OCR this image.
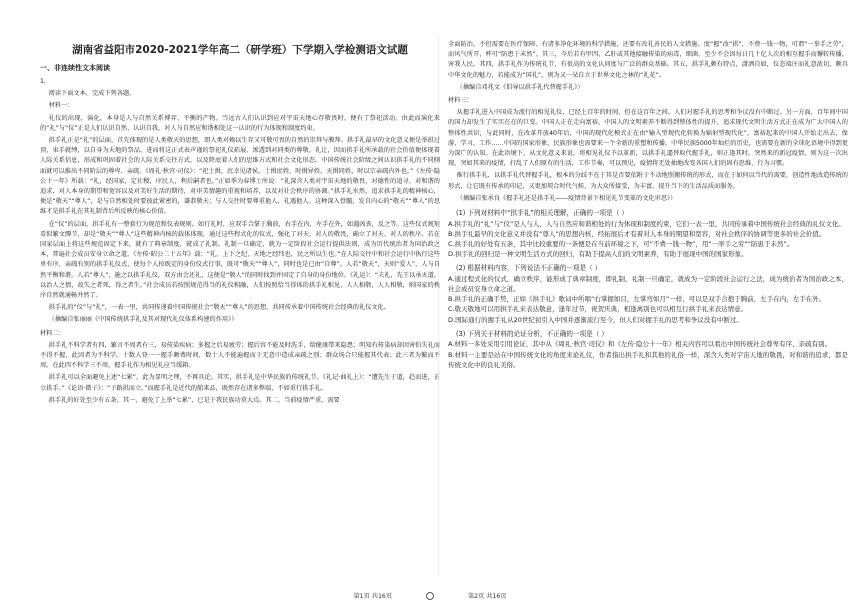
湖南省益阳市2020-2021学年高二（研学班）下学期入学检测语文试题
一、非连续性文本阅读

1.

阅读下面文本，完成下列各题。

材料一：

礼仪的出现，演化，本身是人与自然关系博弈、平衡的产物。当远古人们认识到应对宇宙天地心存敬畏时，便有了祭祀活动。由此而演化来的“礼”与“仪”正是人们认识自然、认识自我，对人与自然应和谐相处这一认识的行为体现和制度约束。

拱手礼正是“礼”的层面，首先体现的是人类敬天的思想，即人类对赖以生存又可敬可畏的自然的崇拜与膜拜。拱手礼最早的文化意义便是举拱过顶，束手就缚，以自身为天地的祭品，进而将这正式表声谨的祭祀礼仪拓展、渗透到对同类的尊敬。礼让，因而拱手礼所承载的社会价值便体现着人际关系信息，形成和巩固着社会的人际关系交往方式，以及降底着人们的思维方式和社会文化形态。中国传统社会阶级之间认识拱手礼的不同側面就可以推出不同阶层的尊卑、亲疏。《周礼·秋官·司仪》：“祀土揖，庶幸见诸侯，土揖庶姓，时揖异姓，天揖同姓，时以宗亲疏内外也。”《左传·隐公十一年》所载：“礼，经国家，定社稷，序民人，利后嗣者也。”正如季为春博士所说：“礼深含人类对宇宙天地的敬畏，对德性的追寻，对和谐的追求，对人本身的期望和宽容以及对美好生活的期待，对审美情趣的重视和培养，以及对社会秩序的协调。”拱手礼水然，追求拱手礼的精神核心，便是“敬天”“尊人”，是与自然相处时要彼此紧密的，谦恭敬天；与人交往时要尊重他人，礼遇他人。这种深入骨髓、发自内心的“敬天”“尊人”的思维才是拱手礼在其礼制背后所反映的核心价值。

在“仪”的层面，拱手礼有一整套行为规范和仪表规则。如行礼时，应双手合掌于胸前，右手在内，左手在外，如遇凶丧，反之等。这些仪式规矩看似繁文缛节，却是“敬天”“尊人”这些精神内核的载体体现，通过这些程式化的仪式，强化了对天、对人的敬畏，确立了对天、对人的秩序。若在国家层面上将这些规范固定下来，就有了典章制度，就成了礼制。礼制一旦确定，就为一定阶段社会运行提供法则，成为历代统治者为国治政之本，普遍社会成员安身立命之道。《左传·昭公二十五年》载：“礼，上下之纪，天地之经纬也，民之所以生也。”在人际交往中和社会运行中执行这些单有序，亲疏有别的拱手礼仪式，使每个人按既定的身份仪式行事，既可“敬天”“尊人”，同时也是已由“自尊”。人若“敬天”，天则“爱人”，人与自然平衡和谐。人若“尊人”，施之以拱手礼仪，双方由会还礼，这便是“敬人”的同时找到并固定了自身的身份地位。《礼运》：“夫礼，先王以承天道，以治人之情，故失之者死，得之者生。”社会成员若按照规范得当的礼仪相融，人们按照恰当得体的拱手礼相见，人人相敬，人人相敬，则国家的秩序自然就通畅并然了。

拱手礼的“仪”与“礼”，一表一里，共同传递着中国传统社会“敬天”“尊人”的思想，共同传承着中国传统社会经典的礼仪文化。

（摘编自张丽丽《中国传统拱手礼及其对现代礼仪体系构建的作用》）

材料二：

拱手礼不科学者有四，繁言不周者有三，易传染疾病；多握之后易疲劳；握后容不能及时洗手，给健康带来隐患；明知有传染病却因害怕失礼而不得不握，此因者为不科学。十数人登一一握手颇费时间，数十人不能遍握而于无意中造成亲疏之别；群众场合只能握其代表；此三者为繁而不周。在此四不科学三不周，握手礼作为相见礼应当缓箱。

拱手礼可以全面避免上述“七累”，此为显明之理，不再具论。其实，拱手礼是中华民族的传统礼节。《礼记·曲礼上》：“遭先生于道，趋而进，正立拱手。”《论语·微子》：“子路拱而立。”而握手礼是近代的舶来品，既然存在诸多弊端，不如重行拱手礼。

拱手礼的好处至少有五条。其一，避免了上举“七累”，已是于我民族功莫大焉。其二，当前疫情严重，需要

全面防治。不但需要在医疗保障、有诸多净化环境的科学措施，还要有改礼善民的人文措施。度“握”改“拱”，不费一钱一物，可谓“一举手之劳”，而风气所开，杯可“防患于未然”。其三，今后若有甲四、乙肝或其他接触传染的病毒，细菌，至少不会因每日几十亿人次的相互握手而懈转传播，害我人民。其四，拱手礼作为传统礼节，有很高的文化认同度与广泛的群众基础。其五，拱手礼颇有特点，潇洒自如，仪态端庄而礼意浓切，颇具中华文化的魅力，若能成为“国礼”，则为又一朵自立于世界文化之林的“礼花”。

（摘编自邓兆文《倡导以拱手礼代替握手礼》）

材料三：

从握手礼进入中国成为流行的相见礼仪，已经上百年的时间，但在这百年之间，人们对握手礼的思考和争议没有中断过。另一方面，百年间中国的国力却发生了实实在在的巨变。中国人正在走向富裕，中国人的文明素养不断得到整体性的提升，追求现代文明生活方式正在成为广大中国人的整体性共识，与此同时，在改革开放40年后，中国的现代化模式正在由“输入型现代化转换为辐射型现代化”，富裕起来的中国人开始走出去，保游、学习、工作……中国的国家形象、民族形象也需要来一个全新的重塑和传播。中华民族5000年灿烂的历史，也需要在新的全球化语境中得到更为深广的认知。在此语境下，从文化意义来说，将相见礼仪予以革新，以拱手礼逼替取代握手礼，则正逢其时。突然来的新冠疫情，则为这一次出现，突如其来的疫情，打乱了人们原有的生活，工作节奏，可以预见，疫情将无处抽地改变各国人们的固有思维、行为习惯。

推行拱手礼，以拱手礼代替握手礼，根本的分歧不在于其是否要依附于不动地照搬传统的形式，而在于如何以当代的需要，创造性地改造传统的形式，让它既有传承的印记，又更加契合时代气候，为大众所接受，为丰富、提升当下的生活品质而服务。

（摘编自张承良《握手礼还是拱手礼——疫情背景下相见礼节变革的文化审思》）
(1) 下列对材料中“拱手礼”的相关理解，正确的一项是（ ）

A.拱手礼的“礼”与“仪”是人与人，人与自然应和谐相处的行为体现和制度约束，它们一表一里，共同传承着中国传统社会经典的礼仪文化。

B.拱手礼最早的文化意义并没有“尊人”的思想内核，经拓展后才有着对人本身的期望和宽容，对社会秩序的协调等更多的社会价值。

C.拱手礼的好处有五条，其中比较重要的一条便是在当前环境之下，可“不费一钱一物”，用“一举手之劳”“防患于未然”。

D.拱手礼的回归是一种文明生活方式的回归，有助于提高人们的文明素养，有助于展现中国的国家形象。

(2) 根据材料内容，下列说法不正确的一项是（ ）

A.通过程式化的仪式，确立秩序，能形成了典章制度，即礼制，礼制一旦确定，就成为一定阶段社会运行之法，成为统治者为国治政之本，社会成员安身立命之道。

B.拱手礼的正确手势，正如《拱手礼》歌词中所唱“右掌握如目，左掌弯如月”一样，可以是双手合抱于胸前，左手在内，左手在外。

C.敬天敬地可以用拱手礼来表达敬意，逢年过节，祝贺庆典，相逢离别也可以相互行拱手礼来表达情意。

D.国际通行的握手礼从20世纪初引入中国并逐渐流行至今，但人们对握手礼的思考和争议没有中断过。

(3) 下列关于材料的论证分析，不正确的一项是（ ）

A.材料一多处采用引用论证，其中从《周礼·秋官·司仪》和《左传·隐公十一年》相关内容可以看出中国传统社会尊卑有序、亲疏有别。

B.材料一主要是站在中国传统文化的角度来论礼仪，作者指出拱手礼和其他的礼俗一样，深含人类对宇宙天地的敬畏，对和谐的追求，都是传统文化中的良礼美俗。

第1页 共16页	第2页 共16页
